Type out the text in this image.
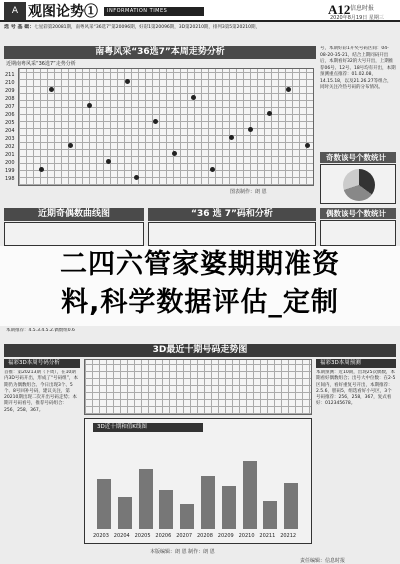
A 观图论势①	INFORMATION TIMES	A12 信息时报
2020年8月19日 星期三
选 号 基 础：七星彩第20081期，南粤风采“36选7”第20096期，好彩1第20096期，3D第20210期，排列3第5第20210期，
南粤风采“36选7”本周走势分析
近期南粤风采“36选7”走势分析
图表制作：朗 恩
号，本期好彩1开奖号码区间：04-08-20-35-21，结合上期同码开出后，本期看好32的大号开出，上期推荐06号、12号、18号均有开出，本期预测重点推荐：01.02.08，14.15.18，以及21.26.27等组合，同时关注冷热号码的分布情况。
奇数该号个数统计
偶数该号个数统计
近期奇偶数曲线图	“36 选 7”码和分析
本期推荐：4.5.3.4.5.2.偶数组0.6
二四六管家婆期期准资
料,科学数据评估_定制
3D最近十期号码走势图
福彩3D本周号码分析
首推：第20213期（下周），在10期内3D号码开出，形成了“号码组”，本期仍为偶数组合。今日出现3个、5个、8号回补号码，建议关注，第20210期出现二次开出号码走势；本期开号码看号，推荐号码组合：256，258，367。
福彩3D本周预测
本期预测：近10期，出现25次偶数，本期看好偶数组合；出号大中位数：在2-5区间内，看好重复号开出，本期推荐：2.5.6，胆码5，组选看好小号区，3个号码推荐：256，258，367，复式看好：012345678。
3D近十期和值K线图
20203 20204 20205 20206 20207 20208 20209 20210 20211 20212
本版编辑：朗 恩 制作：朗 恩
责任编辑：信息时报
211
210
209
208
207
206
205
204
203
202
201
200
199
198
